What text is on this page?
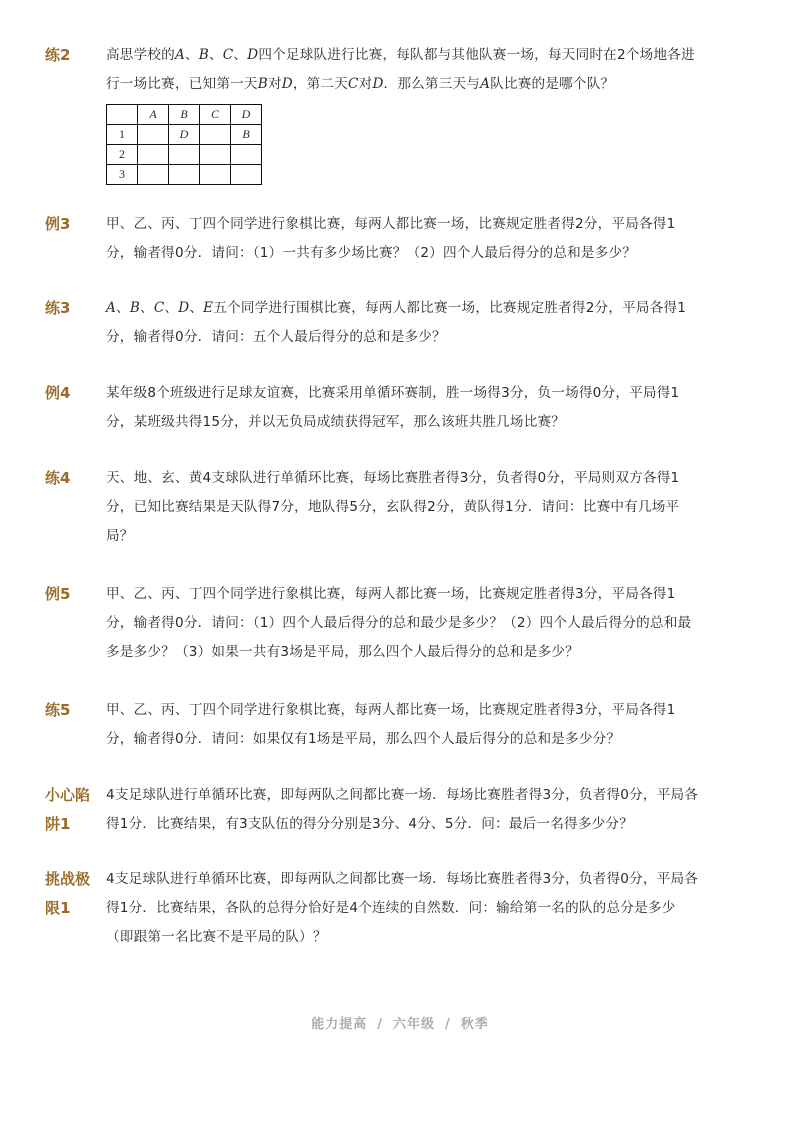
练2	高思学校的A、B、C、D四个足球队进行比赛，每队都与其他队赛一场，每天同时在2个场地各进
行一场比赛，已知第一天B对D，第二天C对D．那么第三天与A队比赛的是哪个队？
	A	B	C	D
1		D		B
2				
3				
例3	甲、乙、丙、丁四个同学进行象棋比赛，每两人都比赛一场，比赛规定胜者得2分，平局各得1
分，输者得0分．请问：（1）一共有多少场比赛？（2）四个人最后得分的总和是多少？
练3	A、B、C、D、E五个同学进行围棋比赛，每两人都比赛一场，比赛规定胜者得2分，平局各得1
分，输者得0分．请问：五个人最后得分的总和是多少？
例4	某年级8个班级进行足球友谊赛，比赛采用单循环赛制，胜一场得3分，负一场得0分，平局得1
分，某班级共得15分，并以无负局成绩获得冠军，那么该班共胜几场比赛？
练4	天、地、玄、黄4支球队进行单循环比赛，每场比赛胜者得3分，负者得0分，平局则双方各得1
分，已知比赛结果是天队得7分，地队得5分，玄队得2分，黄队得1分．请问：比赛中有几场平
局？
例5	甲、乙、丙、丁四个同学进行象棋比赛，每两人都比赛一场，比赛规定胜者得3分，平局各得1
分，输者得0分．请问：（1）四个人最后得分的总和最少是多少？（2）四个人最后得分的总和最
多是多少？（3）如果一共有3场是平局，那么四个人最后得分的总和是多少？
练5	甲、乙、丙、丁四个同学进行象棋比赛，每两人都比赛一场，比赛规定胜者得3分，平局各得1
分，输者得0分．请问：如果仅有1场是平局，那么四个人最后得分的总和是多少分？
小心陷
阱1
4支足球队进行单循环比赛，即每两队之间都比赛一场．每场比赛胜者得3分，负者得0分，平局各
得1分．比赛结果，有3支队伍的得分分别是3分、4分、5分．问：最后一名得多少分？
挑战极
限1
4支足球队进行单循环比赛，即每两队之间都比赛一场．每场比赛胜者得3分，负者得0分，平局各
得1分．比赛结果，各队的总得分恰好是4个连续的自然数．问：输给第一名的队的总分是多少
（即跟第一名比赛不是平局的队）？
能力提高 / 六年级 / 秋季
